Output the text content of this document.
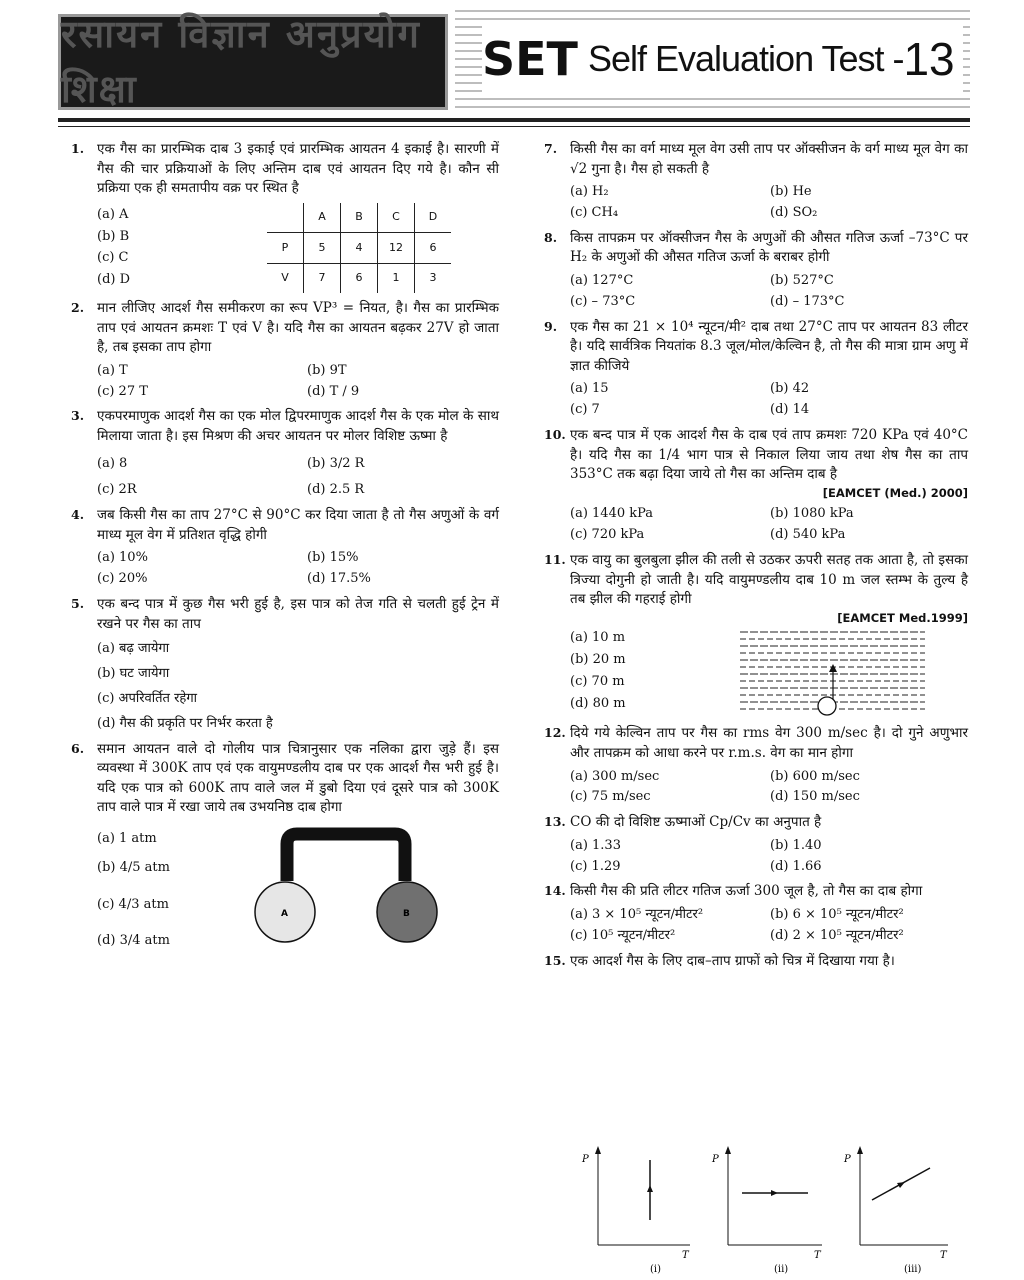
रसायन विज्ञान अनुप्रयोग शिक्षा
SET Self Evaluation Test - 13
1. एक गैस का प्रारम्भिक दाब 3 इकाई एवं प्रारम्भिक आयतन 4 इकाई है। सारणी में गैस की चार प्रक्रियाओं के लिए अन्तिम दाब एवं आयतन दिए गये है। कौन सी प्रक्रिया एक ही समतापीय वक्र पर स्थित है
(a) A
(b) B
(c) C
(d) D
	A	B	C	D
P	5	4	12	6
V	7	6	1	3
2. मान लीजिए आदर्श गैस समीकरण का रूप VP³ = नियत, है। गैस का प्रारम्भिक ताप एवं आयतन क्रमशः T एवं V है। यदि गैस का आयतन बढ़कर 27V हो जाता है, तब इसका ताप होगा
(a) T	(b) 9T
(c) 27 T	(d) T / 9
3. एकपरमाणुक आदर्श गैस का एक मोल द्विपरमाणुक आदर्श गैस के एक मोल के साथ मिलाया जाता है। इस मिश्रण की अचर आयतन पर मोलर विशिष्ट ऊष्मा है
(a) 8	(b) 3/2 R
(c) 2R	(d) 2.5 R
4. जब किसी गैस का ताप 27°C से 90°C कर दिया जाता है तो गैस अणुओं के वर्ग माध्य मूल वेग में प्रतिशत वृद्धि होगी
(a) 10%	(b) 15%
(c) 20%	(d) 17.5%
5. एक बन्द पात्र में कुछ गैस भरी हुई है, इस पात्र को तेज गति से चलती हुई ट्रेन में रखने पर गैस का ताप
(a) बढ़ जायेगा
(b) घट जायेगा
(c) अपरिवर्तित रहेगा
(d) गैस की प्रकृति पर निर्भर करता है
6. समान आयतन वाले दो गोलीय पात्र चित्रानुसार एक नलिका द्वारा जुड़े हैं। इस व्यवस्था में 300K ताप एवं एक वायुमण्डलीय दाब पर एक आदर्श गैस भरी हुई है। यदि एक पात्र को 600K ताप वाले जल में डुबो दिया एवं दूसरे पात्र को 300K ताप वाले पात्र में रखा जाये तब उभयनिष्ठ दाब होगा
(a) 1 atm
(b) 4/5 atm
(c) 4/3 atm
(d) 3/4 atm
A	B
7. किसी गैस का वर्ग माध्य मूल वेग उसी ताप पर ऑक्सीजन के वर्ग माध्य मूल वेग का √2 गुना है। गैस हो सकती है
(a) H₂	(b) He
(c) CH₄	(d) SO₂
8. किस तापक्रम पर ऑक्सीजन गैस के अणुओं की औसत गतिज ऊर्जा –73°C पर H₂ के अणुओं की औसत गतिज ऊर्जा के बराबर होगी
(a) 127°C	(b) 527°C
(c) – 73°C	(d) – 173°C
9. एक गैस का 21 × 10⁴ न्यूटन/मी² दाब तथा 27°C ताप पर आयतन 83 लीटर है। यदि सार्वत्रिक नियतांक 8.3 जूल/मोल/केल्विन है, तो गैस की मात्रा ग्राम अणु में ज्ञात कीजिये
(a) 15	(b) 42
(c) 7	(d) 14
10. एक बन्द पात्र में एक आदर्श गैस के दाब एवं ताप क्रमशः 720 KPa एवं 40°C है। यदि गैस का 1/4 भाग पात्र से निकाल लिया जाय तथा शेष गैस का ताप 353°C तक बढ़ा दिया जाये तो गैस का अन्तिम दाब है
[EAMCET (Med.) 2000]
(a) 1440 kPa	(b) 1080 kPa
(c) 720 kPa	(d) 540 kPa
11. एक वायु का बुलबुला झील की तली से उठकर ऊपरी सतह तक आता है, तो इसका त्रिज्या दोगुनी हो जाती है। यदि वायुमण्डलीय दाब 10 m जल स्तम्भ के तुल्य है तब झील की गहराई होगी
[EAMCET Med.1999]
(a) 10 m
(b) 20 m
(c) 70 m
(d) 80 m
12. दिये गये केल्विन ताप पर गैस का rms वेग 300 m/sec है। दो गुने अणुभार और तापक्रम को आधा करने पर r.m.s. वेग का मान होगा
(a) 300 m/sec	(b) 600 m/sec
(c) 75 m/sec	(d) 150 m/sec
13. CO की दो विशिष्ट ऊष्माओं Cp/Cv का अनुपात है
(a) 1.33	(b) 1.40
(c) 1.29	(d) 1.66
14. किसी गैस की प्रति लीटर गतिज ऊर्जा 300 जूल है, तो गैस का दाब होगा
(a) 3 × 10⁵ न्यूटन/मीटर²	(b) 6 × 10⁵ न्यूटन/मीटर²
(c) 10⁵ न्यूटन/मीटर²	(d) 2 × 10⁵ न्यूटन/मीटर²
15. एक आदर्श गैस के लिए दाब–ताप ग्राफों को चित्र में दिखाया गया है।
P
T
(i)
P
T
(ii)
P
T
(iii)
